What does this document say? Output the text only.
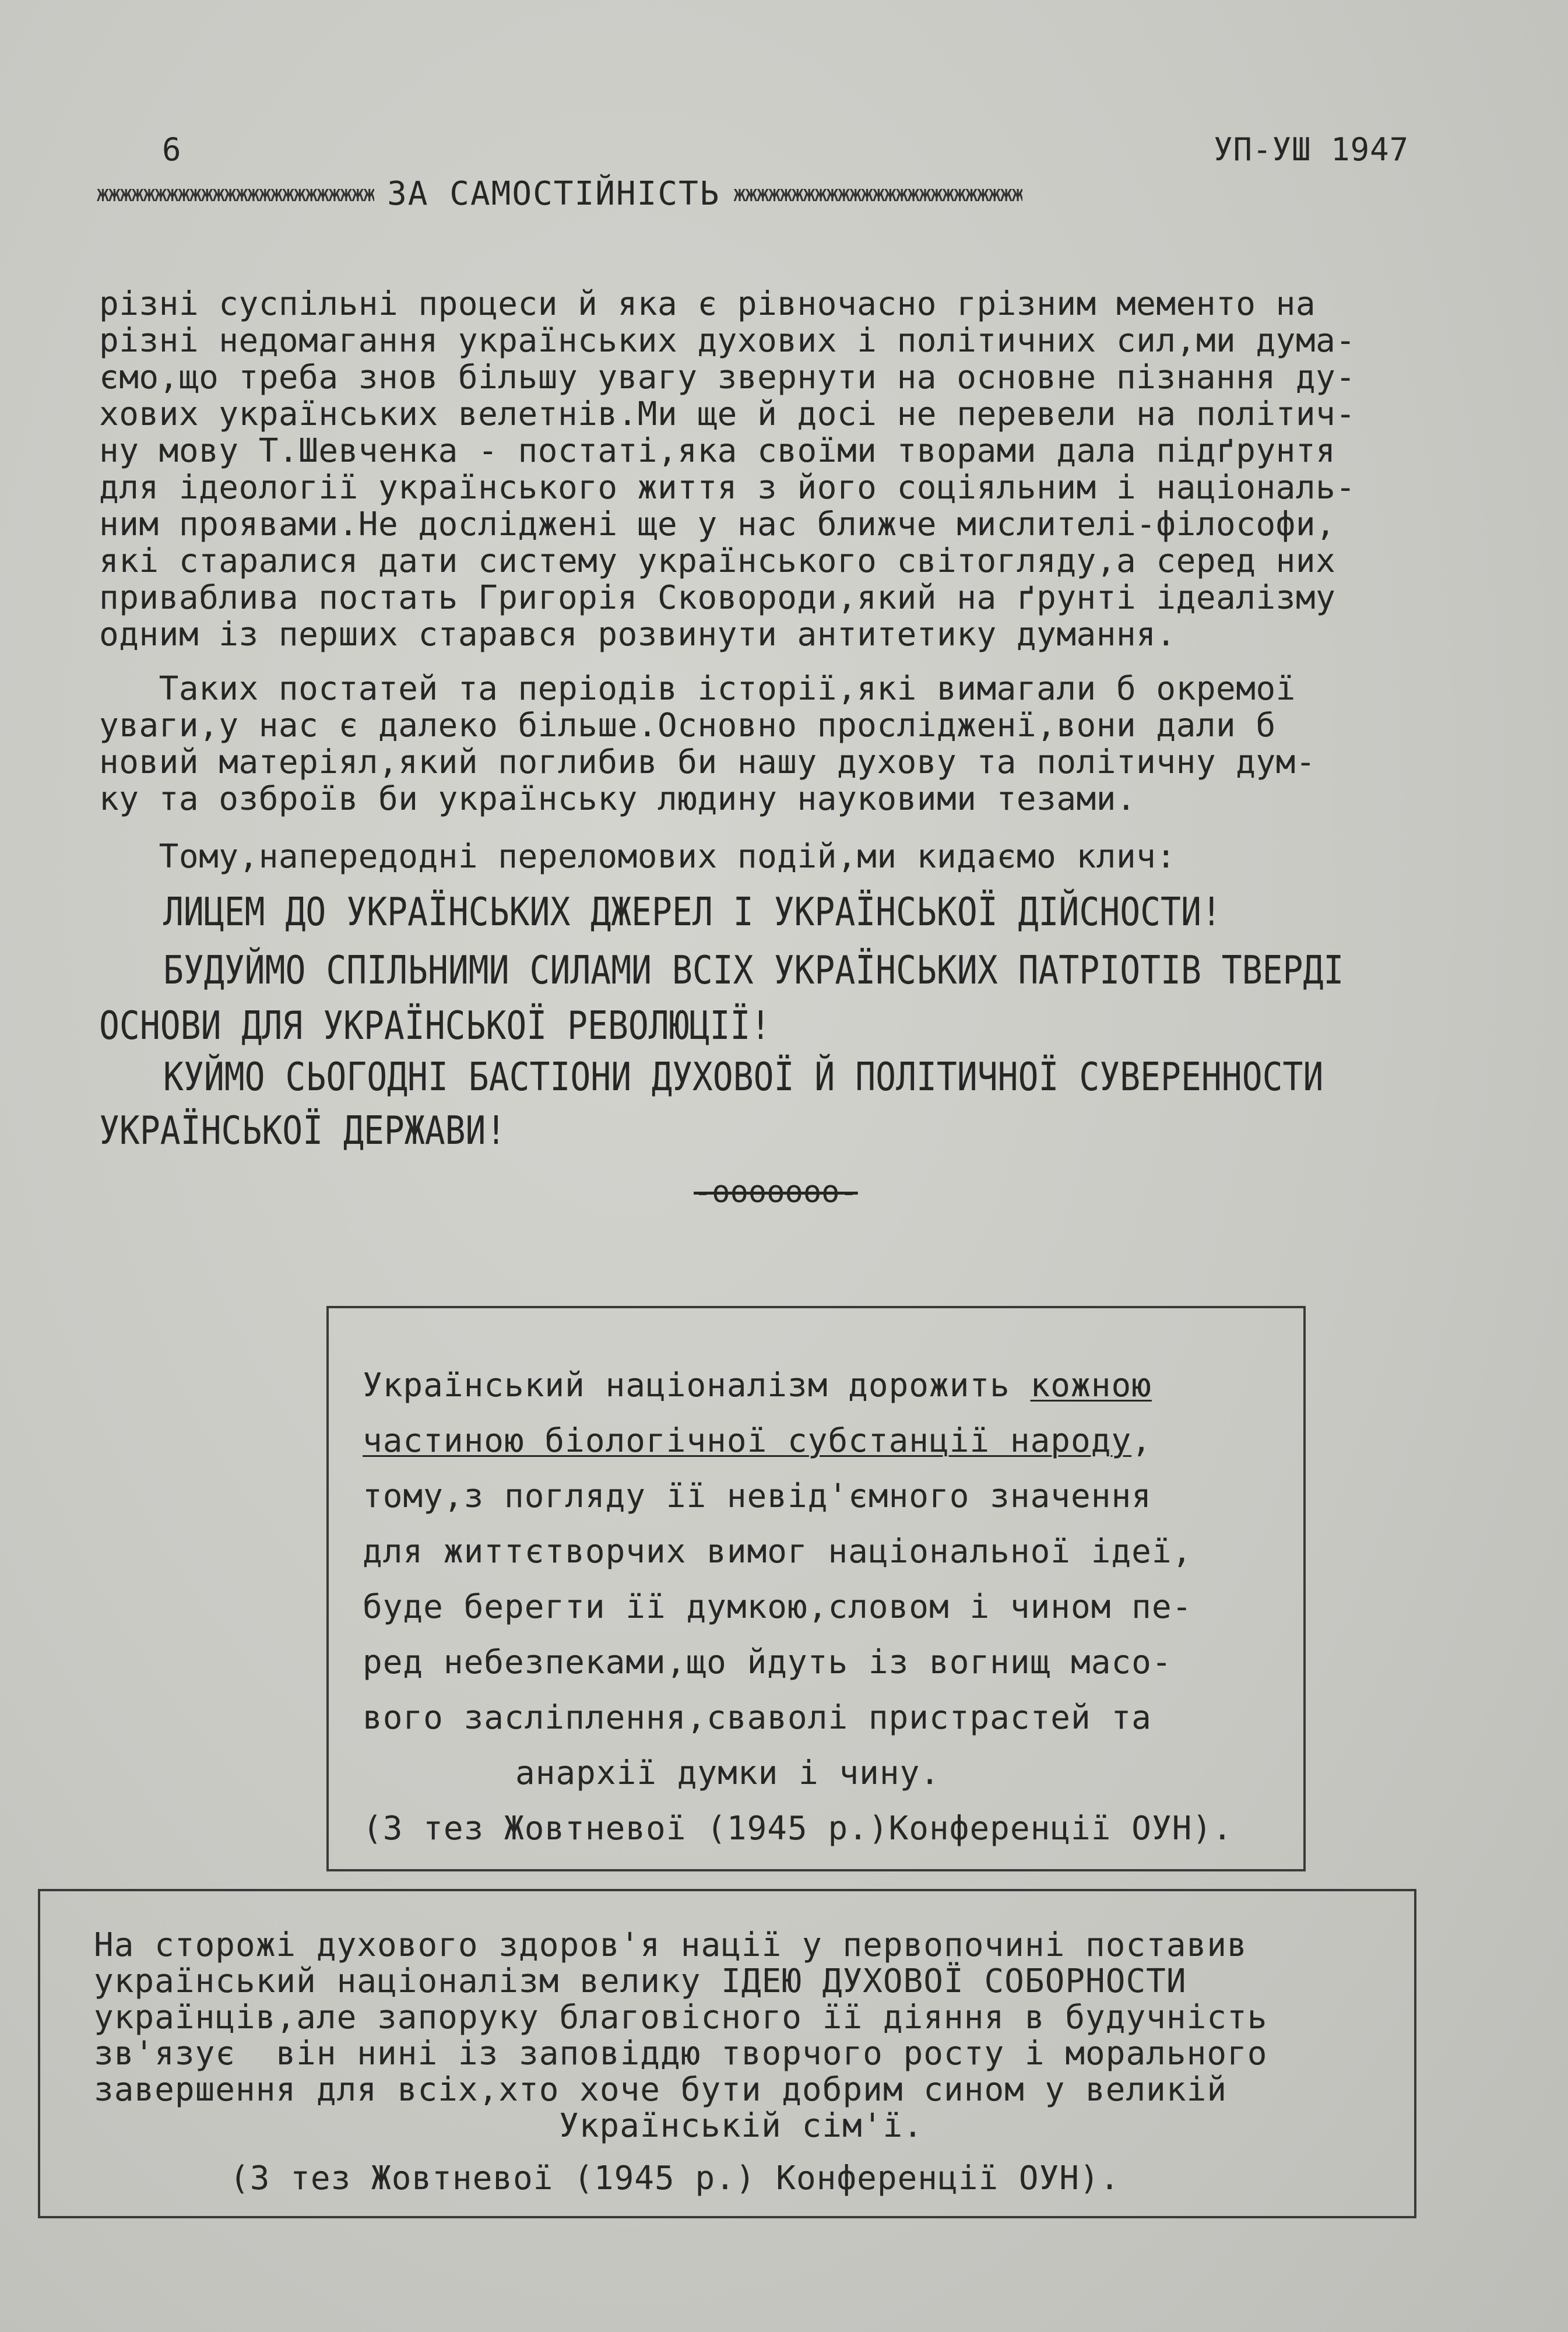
6	УП-УШ 1947
жжжжжжжжжжжжжжжжжжжжжжжж ЗА САМОСТІЙНІСТЬ жжжжжжжжжжжжжжжжжжжжжжжжж
різні суспільні процеси й яка є рівночасно грізним мементо на
різні недомагання українських духових і політичних сил,ми дума-
ємо,що треба знов більшу увагу звернути на основне пізнання ду-
хових українських велетнів.Ми ще й досі не перевели на політич-
ну мову Т.Шевченка - постаті,яка своїми творами дала підґрунтя
для ідеології українського життя з його соціяльним і національ-
ним проявами.Не досліджені ще у нас ближче мислителі-філософи,
які старалися дати систему українського світогляду,а серед них
приваблива постать Григорія Сковороди,який на ґрунті ідеалізму
одним із перших старався розвинути антитетику думання.
Таких постатей та періодів історії,які вимагали б окремої
уваги,у нас є далеко більше.Основно прослідженї,вони дали б
новий матеріял,який поглибив би нашу духову та політичну дум-
ку та озброїв би українську людину науковими тезами.
Тому,напередодні переломових подій,ми кидаємо клич:
ЛИЦЕМ ДО УКРАЇНСЬКИХ ДЖЕРЕЛ І УКРАЇНСЬКОЇ ДІЙСНОСТИ!
БУДУЙМО СПІЛЬНИМИ СИЛАМИ ВСІХ УКРАЇНСЬКИХ ПАТРІОТІВ ТВЕРДІ
ОСНОВИ ДЛЯ УКРАЇНСЬКОЇ РЕВОЛЮЦІЇ!
КУЙМО СЬОГОДНІ БАСТІОНИ ДУХОВОЇ Й ПОЛІТИЧНОЇ СУВЕРЕННОСТИ
УКРАЇНСЬКОЇ ДЕРЖАВИ!
-ооооооо-
Український націоналізм дорожить кожною
частиною біологічної субстанції народу,
тому,з погляду її невід'ємного значення
для життєтворчих вимог національної ідеї,
буде берегти її думкою,словом і чином пе-
ред небезпеками,що йдуть із вогнищ масо-
вого засліплення,сваволі пристрастей та
анархії думки і чину.
(З тез Жовтневої (1945 р.)Конференції ОУН).
На сторожі духового здоров'я нації у первопочині поставив
український націоналізм велику ІДЕЮ ДУХОВОЇ СОБОРНОСТИ
українців,але запоруку благовісного її діяння в будучність
зв'язує  він нині із заповіддю творчого росту і морального
завершення для всіх,хто хоче бути добрим сином у великій
Українській сім'ї.
(З тез Жовтневої (1945 р.) Конференції ОУН).
